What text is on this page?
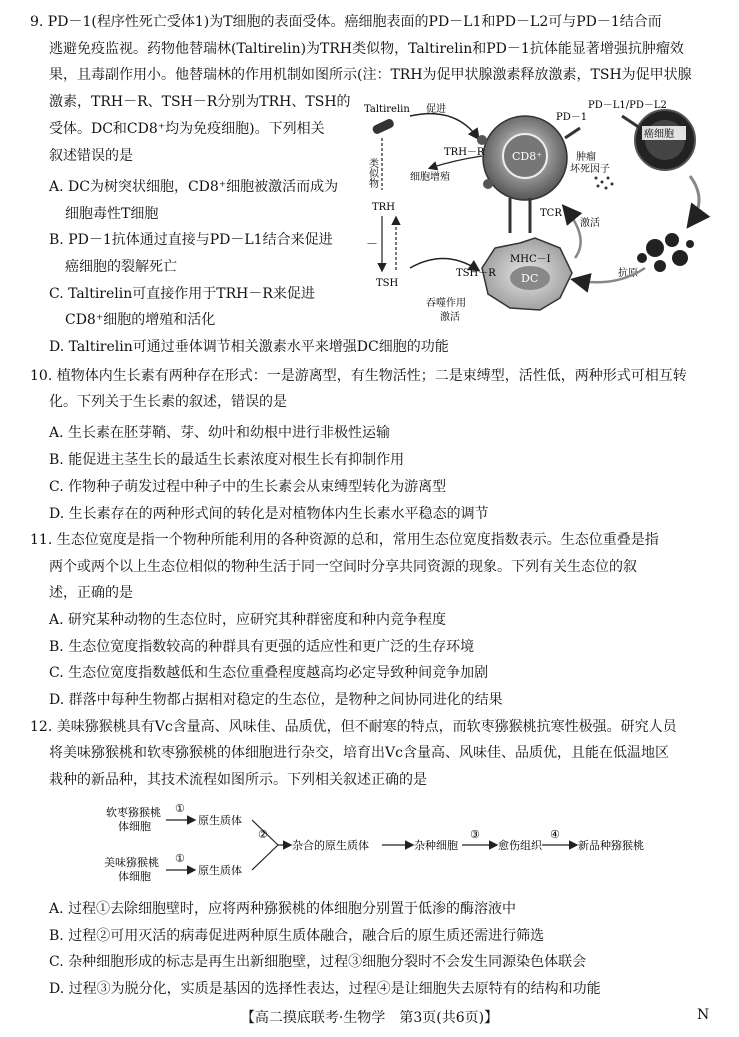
9. PD－1(程序性死亡受体1)为T细胞的表面受体。癌细胞表面的PD－L1和PD－L2可与PD－1结合而
逃避免疫监视。药物他替瑞林(Taltirelin)为TRH类似物，Taltirelin和PD－1抗体能显著增强抗肿瘤效
果，且毒副作用小。他替瑞林的作用机制如图所示(注：TRH为促甲状腺激素释放激素，TSH为促甲状腺
激素，TRH－R、TSH－R分别为TRH、TSH的
受体。DC和CD8⁺均为免疫细胞)。下列相关
叙述错误的是
A. DC为树突状细胞，CD8⁺细胞被激活而成为
细胞毒性T细胞
B. PD－1抗体通过直接与PD－L1结合来促进
癌细胞的裂解死亡
C. Taltirelin可直接作用于TRH－R来促进
CD8⁺细胞的增殖和活化
D. Taltirelin可通过垂体调节相关激素水平来增强DC细胞的功能
Taltirelin 促进
CD8⁺
TRH－R
PD－1
PD－L1/PD－L2
类似物	细胞增殖
肿瘤
坏死因子
癌细胞
TRH
－
TSH
TCR
激活
DC
MHC－I
TSH－R	抗原
吞噬作用
激活
10. 植物体内生长素有两种存在形式：一是游离型，有生物活性；二是束缚型，活性低，两种形式可相互转
化。下列关于生长素的叙述，错误的是
A. 生长素在胚芽鞘、芽、幼叶和幼根中进行非极性运输
B. 能促进主茎生长的最适生长素浓度对根生长有抑制作用
C. 作物种子萌发过程中种子中的生长素会从束缚型转化为游离型
D. 生长素存在的两种形式间的转化是对植物体内生长素水平稳态的调节
11. 生态位宽度是指一个物种所能利用的各种资源的总和，常用生态位宽度指数表示。生态位重叠是指
两个或两个以上生态位相似的物种生活于同一空间时分享共同资源的现象。下列有关生态位的叙
述，正确的是
A. 研究某种动物的生态位时，应研究其种群密度和种内竞争程度
B. 生态位宽度指数较高的种群具有更强的适应性和更广泛的生存环境
C. 生态位宽度指数越低和生态位重叠程度越高均必定导致种间竞争加剧
D. 群落中每种生物都占据相对稳定的生态位，是物种之间协同进化的结果
12. 美味猕猴桃具有Vc含量高、风味佳、品质优，但不耐寒的特点，而软枣猕猴桃抗寒性极强。研究人员
将美味猕猴桃和软枣猕猴桃的体细胞进行杂交，培育出Vc含量高、风味佳、品质优，且能在低温地区
栽种的新品种，其技术流程如图所示。下列相关叙述正确的是
软枣猕猴桃
体细胞
美味猕猴桃
体细胞
①
原生质体
①
原生质体
②
杂合的原生质体	杂种细胞
③
愈伤组织
④
新品种猕猴桃
A. 过程①去除细胞壁时，应将两种猕猴桃的体细胞分别置于低渗的酶溶液中
B. 过程②可用灭活的病毒促进两种原生质体融合，融合后的原生质还需进行筛选
C. 杂种细胞形成的标志是再生出新细胞壁，过程③细胞分裂时不会发生同源染色体联会
D. 过程③为脱分化，实质是基因的选择性表达，过程④是让细胞失去原特有的结构和功能
【高二摸底联考·生物学　第3页(共6页)】	N
